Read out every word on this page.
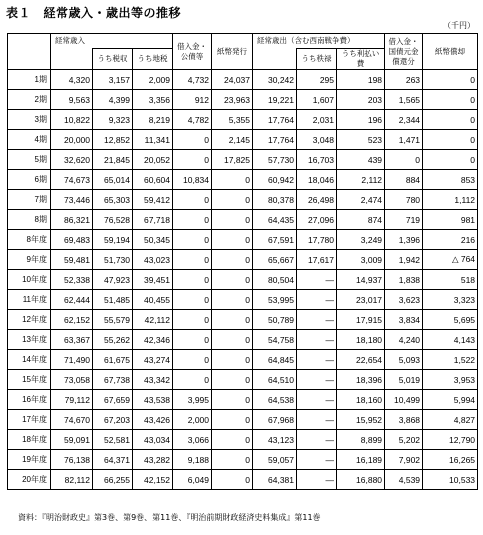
表１　経常歳入・歳出等の推移
（千円）
	経常歳入			借入金・公債等	紙幣発行	経常歳出（含む西南戦争費）			借入金・国債元金償還分	紙幣償却
		うち税収	うち地税				うち秩禄	うち利払い費		
1期	4,320	3,157	2,009	4,732	24,037	30,242	295	198	263	0
2期	9,563	4,399	3,356	912	23,963	19,221	1,607	203	1,565	0
3期	10,822	9,323	8,219	4,782	5,355	17,764	2,031	196	2,344	0
4期	20,000	12,852	11,341	0	2,145	17,764	3,048	523	1,471	0
5期	32,620	21,845	20,052	0	17,825	57,730	16,703	439	0	0
6期	74,673	65,014	60,604	10,834	0	60,942	18,046	2,112	884	853
7期	73,446	65,303	59,412	0	0	80,378	26,498	2,474	780	1,112
8期	86,321	76,528	67,718	0	0	64,435	27,096	874	719	981
8年度	69,483	59,194	50,345	0	0	67,591	17,780	3,249	1,396	216
9年度	59,481	51,730	43,023	0	0	65,667	17,617	3,009	1,942	△ 764
10年度	52,338	47,923	39,451	0	0	80,504	—	14,937	1,838	518
11年度	62,444	51,485	40,455	0	0	53,995	—	23,017	3,623	3,323
12年度	62,152	55,579	42,112	0	0	50,789	—	17,915	3,834	5,695
13年度	63,367	55,262	42,346	0	0	54,758	—	18,180	4,240	4,143
14年度	71,490	61,675	43,274	0	0	64,845	—	22,654	5,093	1,522
15年度	73,058	67,738	43,342	0	0	64,510	—	18,396	5,019	3,953
16年度	79,112	67,659	43,538	3,995	0	64,538	—	18,160	10,499	5,994
17年度	74,670	67,203	43,426	2,000	0	67,968	—	15,952	3,868	4,827
18年度	59,091	52,581	43,034	3,066	0	43,123	—	8,899	5,202	12,790
19年度	76,138	64,371	43,282	9,188	0	59,057	—	16,189	7,902	16,265
20年度	82,112	66,255	42,152	6,049	0	64,381	—	16,880	4,539	10,533
資料：『明治財政史』第3巻、第9巻、第11巻、『明治前期財政経済史料集成』第11巻
